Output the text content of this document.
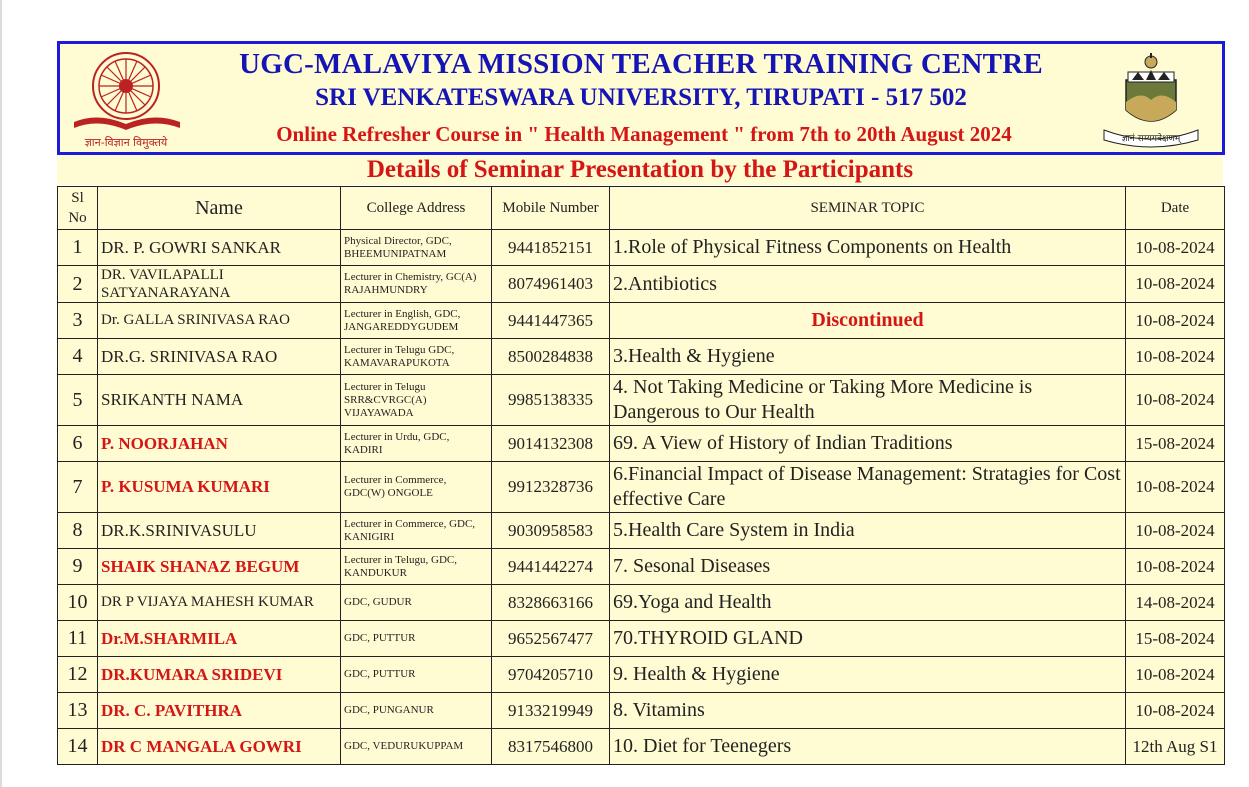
ज्ञान-विज्ञान विमुक्तये
UGC-MALAVIYA MISSION TEACHER TRAINING CENTRE
SRI VENKATESWARA UNIVERSITY, TIRUPATI - 517 502
Online Refresher Course in " Health Management " from 7th to 20th August 2024	ज्ञानं सम्यगवेक्षणम्
Details of Seminar Presentation by the Participants
Sl No	Name	College Address	Mobile Number	SEMINAR TOPIC	Date
1	DR. P. GOWRI SANKAR	Physical Director, GDC, BHEEMUNIPATNAM	9441852151	1.Role of Physical Fitness Components on Health	10-08-2024
2	DR. VAVILAPALLI SATYANARAYANA	Lecturer in Chemistry, GC(A) RAJAHMUNDRY	8074961403	2.Antibiotics	10-08-2024
3	Dr. GALLA SRINIVASA RAO	Lecturer in English, GDC, JANGAREDDYGUDEM	9441447365	Discontinued	10-08-2024
4	DR.G. SRINIVASA RAO	Lecturer in Telugu GDC, KAMAVARAPUKOTA	8500284838	3.Health & Hygiene	10-08-2024
5	SRIKANTH NAMA	Lecturer in Telugu SRR&CVRGC(A) VIJAYAWADA	9985138335	4. Not Taking Medicine or Taking More Medicine is Dangerous to Our Health	10-08-2024
6	P. NOORJAHAN	Lecturer in Urdu, GDC, KADIRI	9014132308	69. A View of History of Indian Traditions	15-08-2024
7	P. KUSUMA KUMARI	Lecturer in Commerce, GDC(W) ONGOLE	9912328736	6.Financial Impact of Disease Management: Stratagies for Cost effective Care	10-08-2024
8	DR.K.SRINIVASULU	Lecturer in Commerce, GDC, KANIGIRI	9030958583	5.Health Care System in India	10-08-2024
9	SHAIK SHANAZ BEGUM	Lecturer in Telugu, GDC, KANDUKUR	9441442274	7. Sesonal Diseases	10-08-2024
10	DR P VIJAYA MAHESH KUMAR	GDC, GUDUR	8328663166	69.Yoga and Health	14-08-2024
11	Dr.M.SHARMILA	GDC, PUTTUR	9652567477	70.THYROID GLAND	15-08-2024
12	DR.KUMARA SRIDEVI	GDC, PUTTUR	9704205710	9. Health & Hygiene	10-08-2024
13	DR. C. PAVITHRA	GDC, PUNGANUR	9133219949	8. Vitamins	10-08-2024
14	DR C MANGALA GOWRI	GDC, VEDURUKUPPAM	8317546800	10. Diet for Teenegers	12th Aug S1
